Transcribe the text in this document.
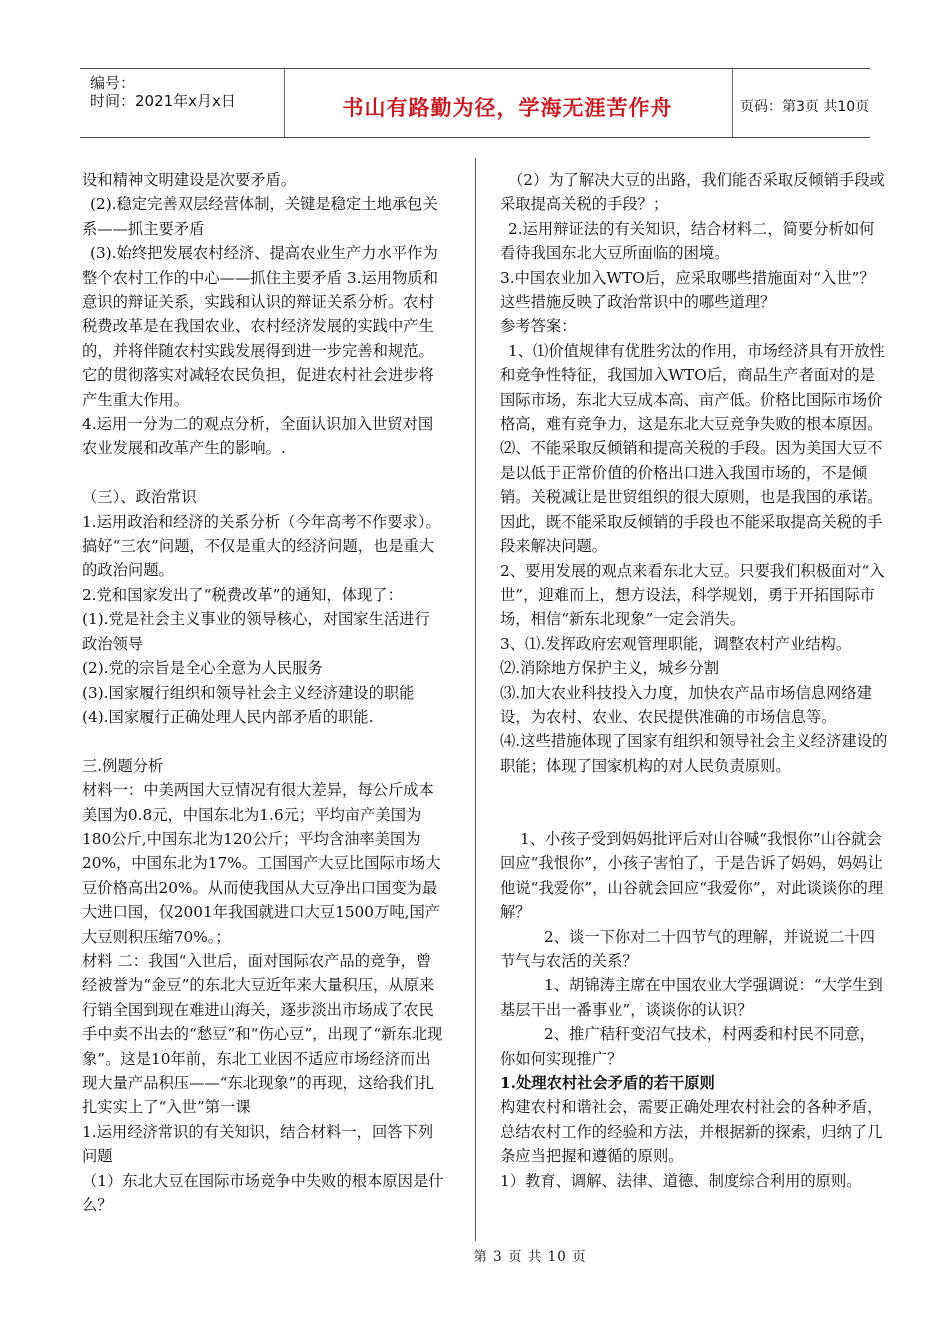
编号：
时间：2021年x月x日	书山有路勤为径，学海无涯苦作舟	页码：第3页 共10页

设和精神文明建设是次要矛盾。

(2).稳定完善双层经营体制，关键是稳定土地承包关系——抓主要矛盾

(3).始终把发展农村经济、提高农业生产力水平作为整个农村工作的中心——抓住主要矛盾 3.运用物质和意识的辩证关系，实践和认识的辩证关系分析。农村税费改革是在我国农业、农村经济发展的实践中产生的，并将伴随农村实践发展得到进一步完善和规范。它的贯彻落实对减轻农民负担，促进农村社会进步将产生重大作用。

4.运用一分为二的观点分析，全面认识加入世贸对国农业发展和改革产生的影响。.

（三）、政治常识

1.运用政治和经济的关系分析（今年高考不作要求）。搞好“三农”问题，不仅是重大的经济问题，也是重大的政治问题。

2.党和国家发出了“税费改革”的通知，体现了：

(1).党是社会主义事业的领导核心，对国家生活进行政治领导

(2).党的宗旨是全心全意为人民服务

(3).国家履行组织和领导社会主义经济建设的职能

(4).国家履行正确处理人民内部矛盾的职能.

三.例题分析

材料一：中美两国大豆情况有很大差异，每公斤成本美国为0.8元，中国东北为1.6元；平均亩产美国为180公斤,中国东北为120公斤；平均含油率美国为20%，中国东北为17%。工国国产大豆比国际市场大豆价格高出20%。从而使我国从大豆净出口国变为最大进口国，仅2001年我国就进口大豆1500万吨,国产大豆则积压缩70%。；

材料 二：我国“入世后，面对国际农产品的竞争，曾经被誉为“金豆”的东北大豆近年来大量积压，从原来行销全国到现在难进山海关，逐步淡出市场成了农民手中卖不出去的“愁豆”和“伤心豆”，出现了“新东北现象”。这是10年前，东北工业因不适应市场经济而出现大量产品积压——“东北现象”的再现，这给我们扎扎实实上了“入世”第一课

1.运用经济常识的有关知识，结合材料一，回答下列问题

（1）东北大豆在国际市场竞争中失败的根本原因是什么？

（2）为了解决大豆的出路，我们能否采取反倾销手段或采取提高关税的手段？；

2.运用辩证法的有关知识，结合材料二，简要分析如何看待我国东北大豆所面临的困境。

3.中国农业加入WTO后，应采取哪些措施面对“入世”？这些措施反映了政治常识中的哪些道理？

参考答案：

1、⑴价值规律有优胜劣汰的作用，市场经济具有开放性和竞争性特征，我国加入WTO后，商品生产者面对的是国际市场，东北大豆成本高、亩产低。价格比国际市场价格高，难有竞争力，这是东北大豆竞争失败的根本原因。

⑵、不能采取反倾销和提高关税的手段。因为美国大豆不是以低于正常价值的价格出口进入我国市场的，不是倾销。关税减让是世贸组织的很大原则，也是我国的承诺。因此，既不能采取反倾销的手段也不能采取提高关税的手段来解决问题。

2、要用发展的观点来看东北大豆。只要我们积极面对“入世”，迎难而上，想方设法，科学规划，勇于开拓国际市场，相信“新东北现象”一定会消失。

3、⑴.发挥政府宏观管理职能，调整农村产业结构。

⑵.消除地方保护主义，城乡分割

⑶.加大农业科技投入力度，加快农产品市场信息网络建设，为农村、农业、农民提供准确的市场信息等。

⑷.这些措施体现了国家有组织和领导社会主义经济建设的职能；体现了国家机构的对人民负责原则。

1、小孩子受到妈妈批评后对山谷喊“我恨你”山谷就会回应“我恨你”，小孩子害怕了，于是告诉了妈妈，妈妈让他说“我爱你”，山谷就会回应“我爱你”，对此谈谈你的理解？

2、谈一下你对二十四节气的理解，并说说二十四节气与农活的关系？

1、胡锦涛主席在中国农业大学强调说：“大学生到基层干出一番事业”，谈谈你的认识？

2、推广秸秆变沼气技术，村两委和村民不同意，你如何实现推广？

1.处理农村社会矛盾的若干原则

构建农村和谐社会，需要正确处理农村社会的各种矛盾，总结农村工作的经验和方法，并根据新的探索，归纳了几条应当把握和遵循的原则。

1）教育、调解、法律、道德、制度综合利用的原则。

第 3 页 共 10 页
